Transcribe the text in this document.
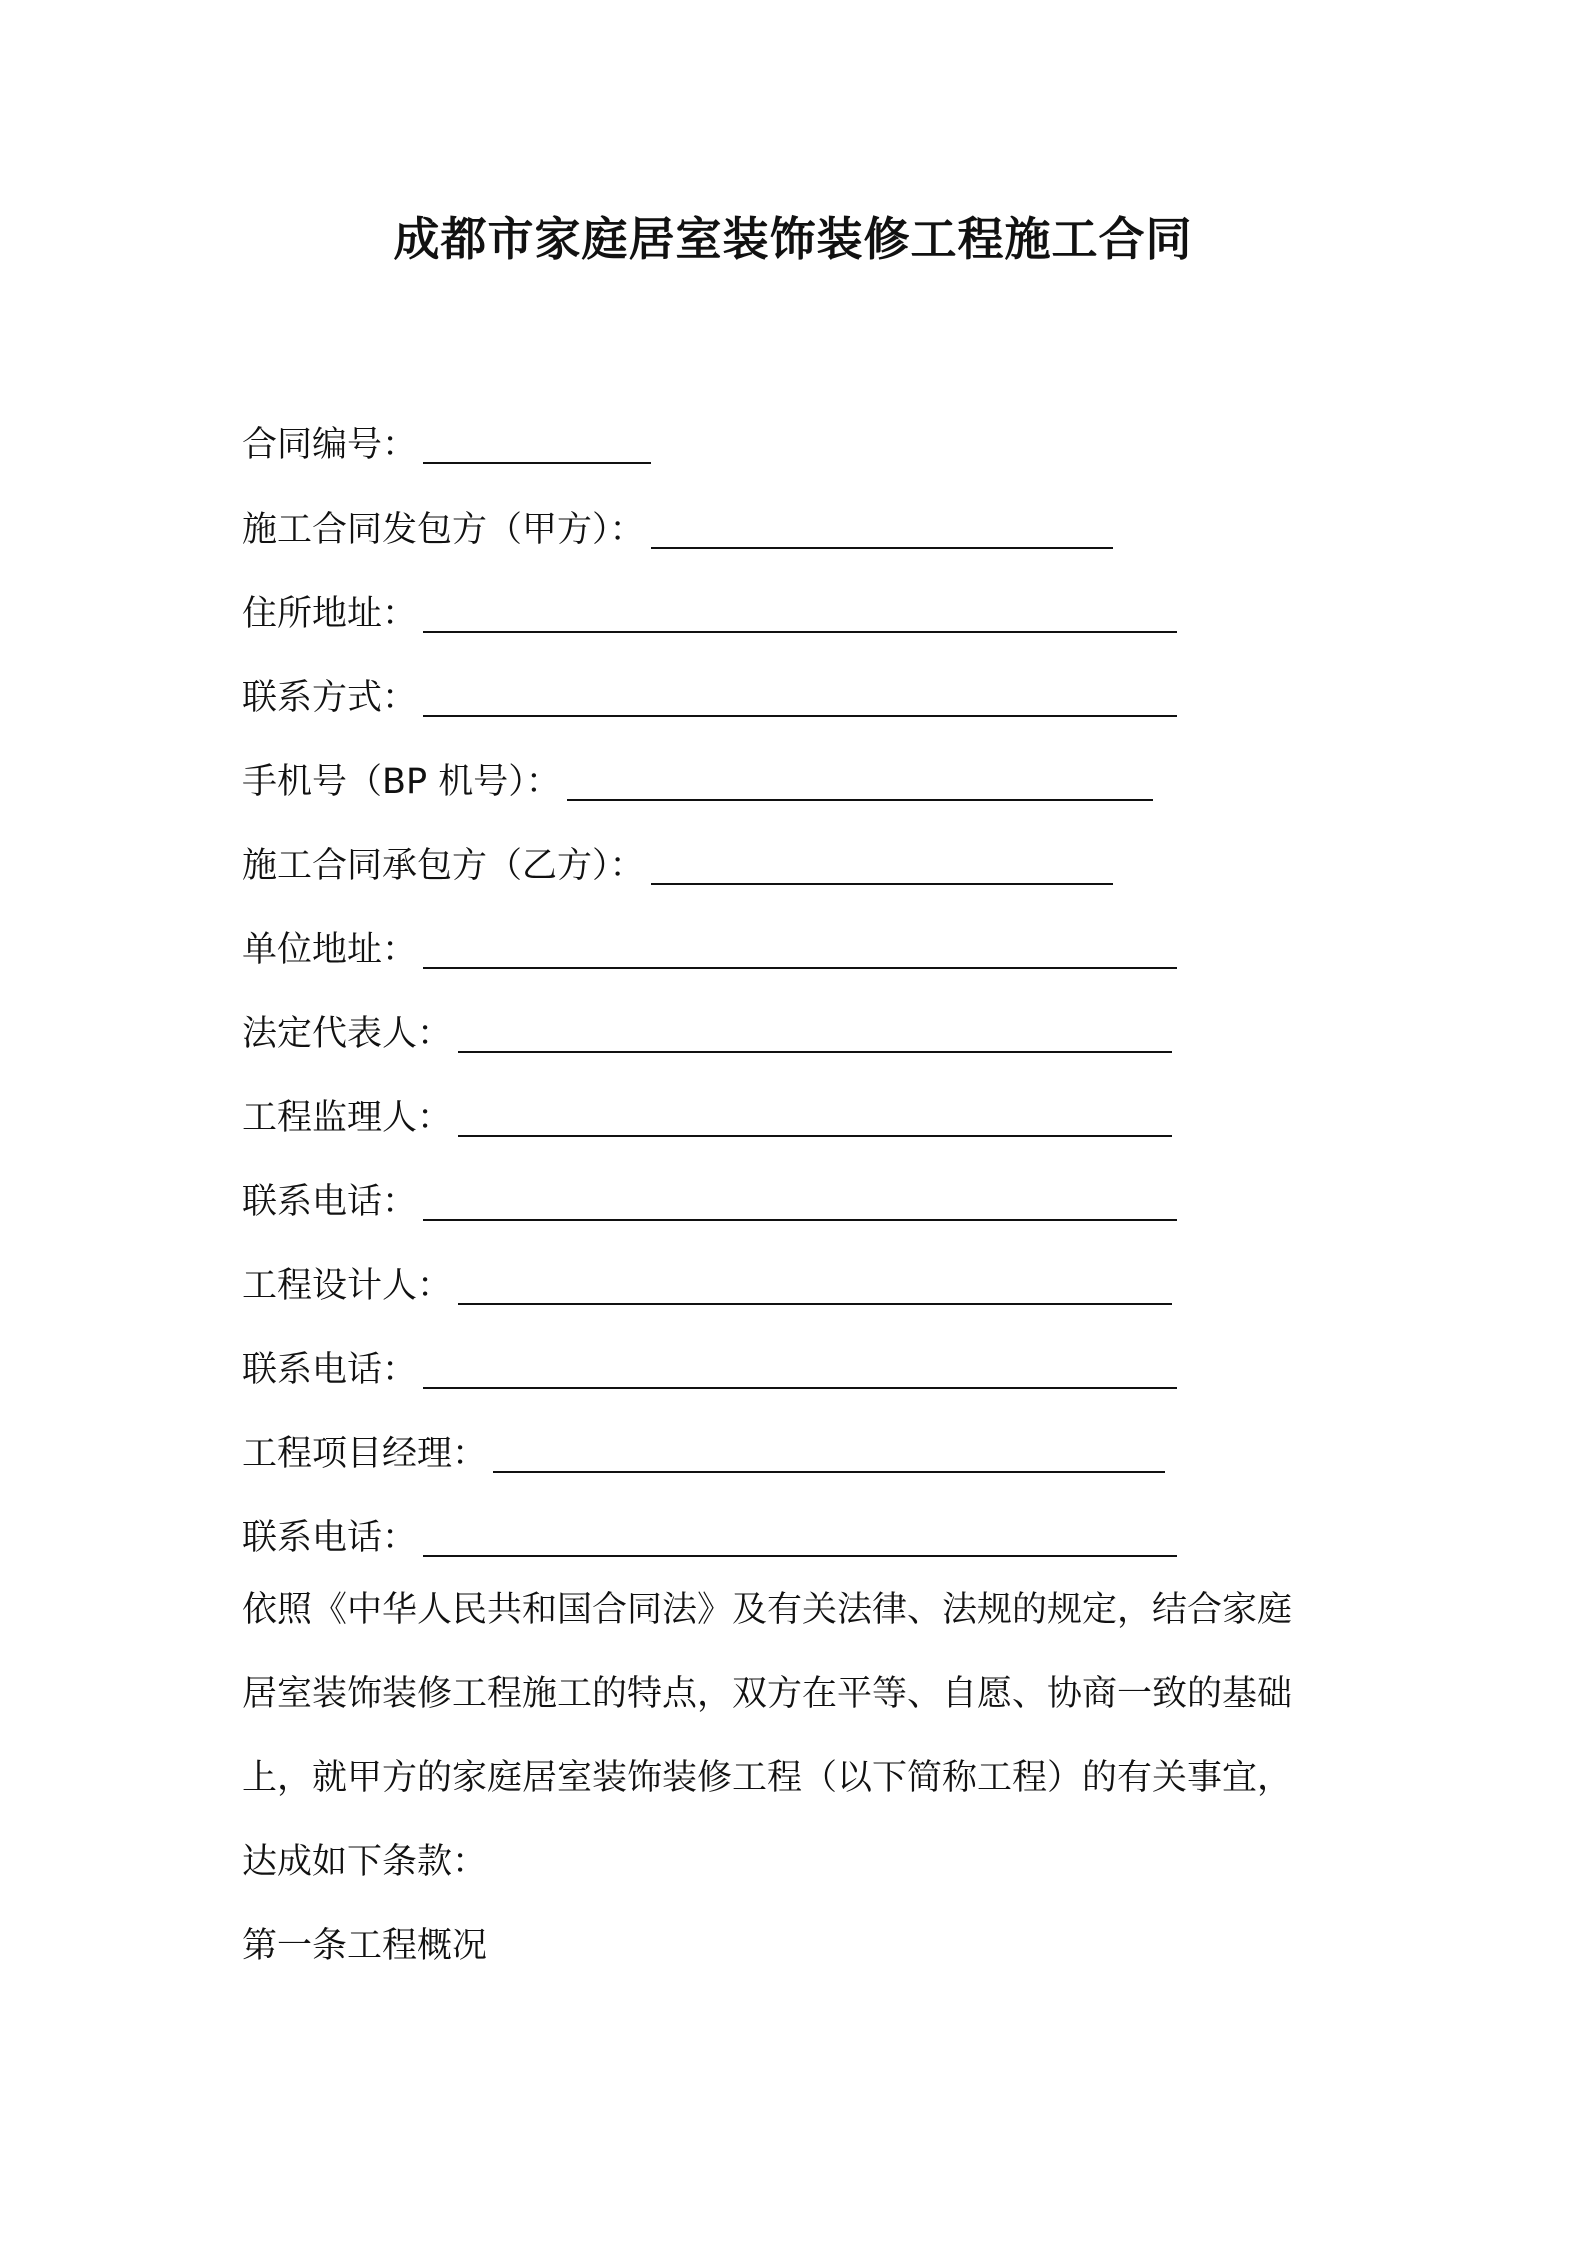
成都市家庭居室装饰装修工程施工合同
合同编号：
施工合同发包方（甲方）：
住所地址：
联系方式：
手机号（BP 机号）：
施工合同承包方（乙方）：
单位地址：
法定代表人：
工程监理人：
联系电话：
工程设计人：
联系电话：
工程项目经理：
联系电话：
依照《中华人民共和国合同法》及有关法律、法规的规定，结合家庭
居室装饰装修工程施工的特点，双方在平等、自愿、协商一致的基础
上，就甲方的家庭居室装饰装修工程（以下简称工程）的有关事宜，
达成如下条款：
第一条工程概况
